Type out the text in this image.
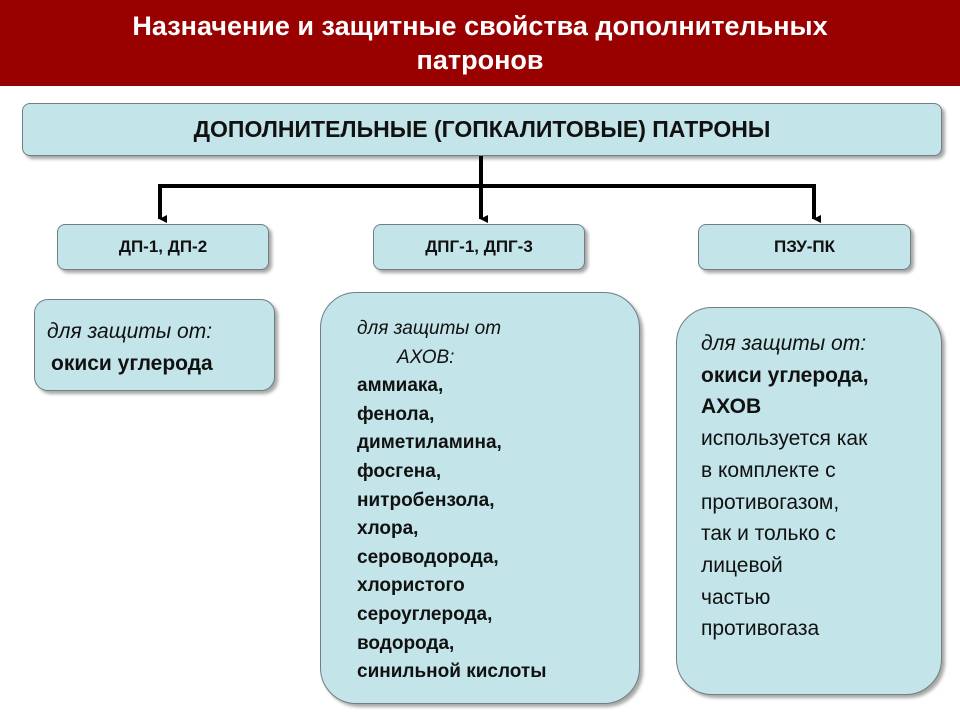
Назначение и защитные свойства дополнительных
патронов
ДОПОЛНИТЕЛЬНЫЕ (ГОПКАЛИТОВЫЕ) ПАТРОНЫ
ДП-1, ДП-2	ДПГ-1, ДПГ-3	ПЗУ-ПК
для защиты от:
окиси углерода
для защиты от
АХОВ:
аммиака,
фенола,
диметиламина,
фосгена,
нитробензола,
хлора,
сероводорода,
хлористого
сероуглерода,
водорода,
синильной кислоты
для защиты от:
окиси углерода,
АХОВ
используется как
в комплекте с
противогазом,
так и только с
лицевой
частью
противогаза
